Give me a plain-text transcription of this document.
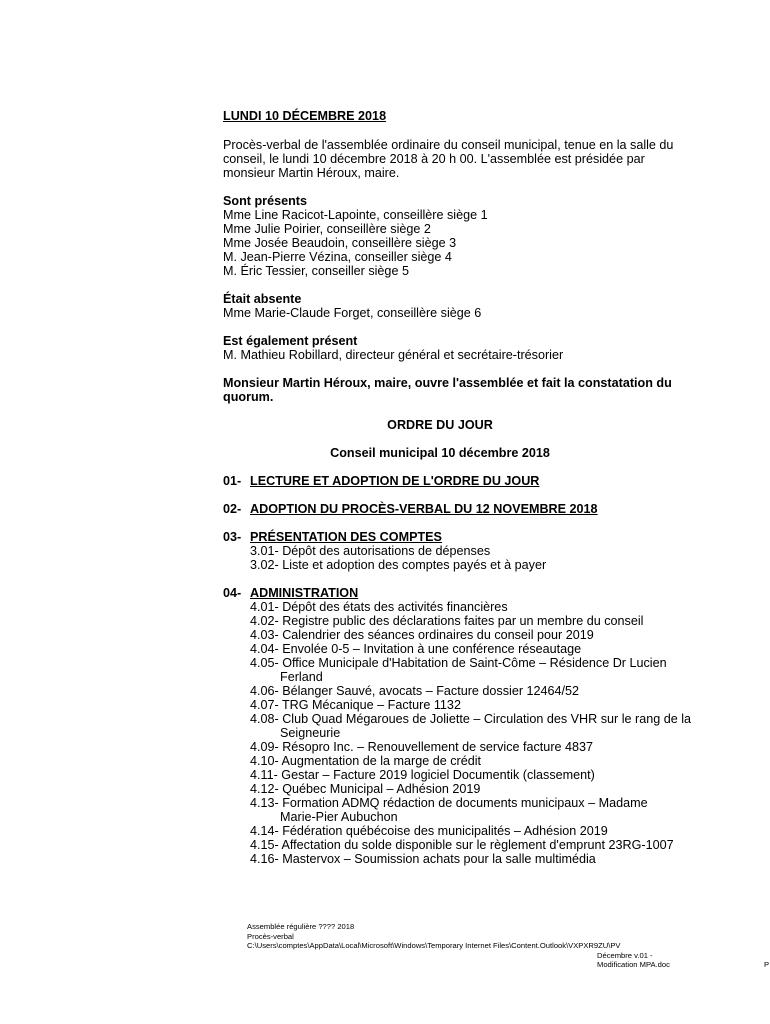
LUNDI 10 DÉCEMBRE 2018
Procès-verbal de l'assemblée ordinaire du conseil municipal, tenue en la salle du
conseil, le lundi 10 décembre 2018 à 20 h 00. L'assemblée est présidée par
monsieur Martin Héroux, maire.
Sont présents
Mme Line Racicot-Lapointe, conseillère siège 1
Mme Julie Poirier, conseillère siège 2
Mme Josée Beaudoin, conseillère siège 3
M. Jean-Pierre Vézina, conseiller siège 4
M. Éric Tessier, conseiller siège 5
Était absente
Mme Marie-Claude Forget, conseillère siège 6
Est également présent
M. Mathieu Robillard, directeur général et secrétaire-trésorier
Monsieur Martin Héroux, maire, ouvre l'assemblée et fait la constatation du
quorum.
ORDRE DU JOUR
Conseil municipal 10 décembre 2018
01- LECTURE ET ADOPTION DE L'ORDRE DU JOUR
02- ADOPTION DU PROCÈS-VERBAL DU 12 NOVEMBRE 2018
03- PRÉSENTATION DES COMPTES
3.01- Dépôt des autorisations de dépenses
3.02- Liste et adoption des comptes payés et à payer
04- ADMINISTRATION
4.01- Dépôt des états des activités financières
4.02- Registre public des déclarations faites par un membre du conseil
4.03- Calendrier des séances ordinaires du conseil pour 2019
4.04- Envolée 0-5 – Invitation à une conférence réseautage
4.05- Office Municipale d'Habitation de Saint-Côme – Résidence Dr Lucien
Ferland
4.06- Bélanger Sauvé, avocats – Facture dossier 12464/52
4.07- TRG Mécanique – Facture 1132
4.08- Club Quad Mégaroues de Joliette – Circulation des VHR sur le rang de la
Seigneurie
4.09- Résopro Inc. – Renouvellement de service facture 4837
4.10- Augmentation de la marge de crédit
4.11- Gestar – Facture 2019 logiciel Documentik (classement)
4.12- Québec Municipal – Adhésion 2019
4.13- Formation ADMQ rédaction de documents municipaux – Madame
Marie-Pier Aubuchon
4.14- Fédération québécoise des municipalités – Adhésion 2019
4.15- Affectation du solde disponible sur le règlement d'emprunt 23RG-1007
4.16- Mastervox – Soumission achats pour la salle multimédia
Assemblée régulière ???? 2018
Procès-verbal
C:\Users\comptes\AppData\Local\Microsoft\Windows\Temporary Internet Files\Content.Outlook\VXPXR9ZU\PV
Décembre v.01 -
Modification MPA.doc	P
